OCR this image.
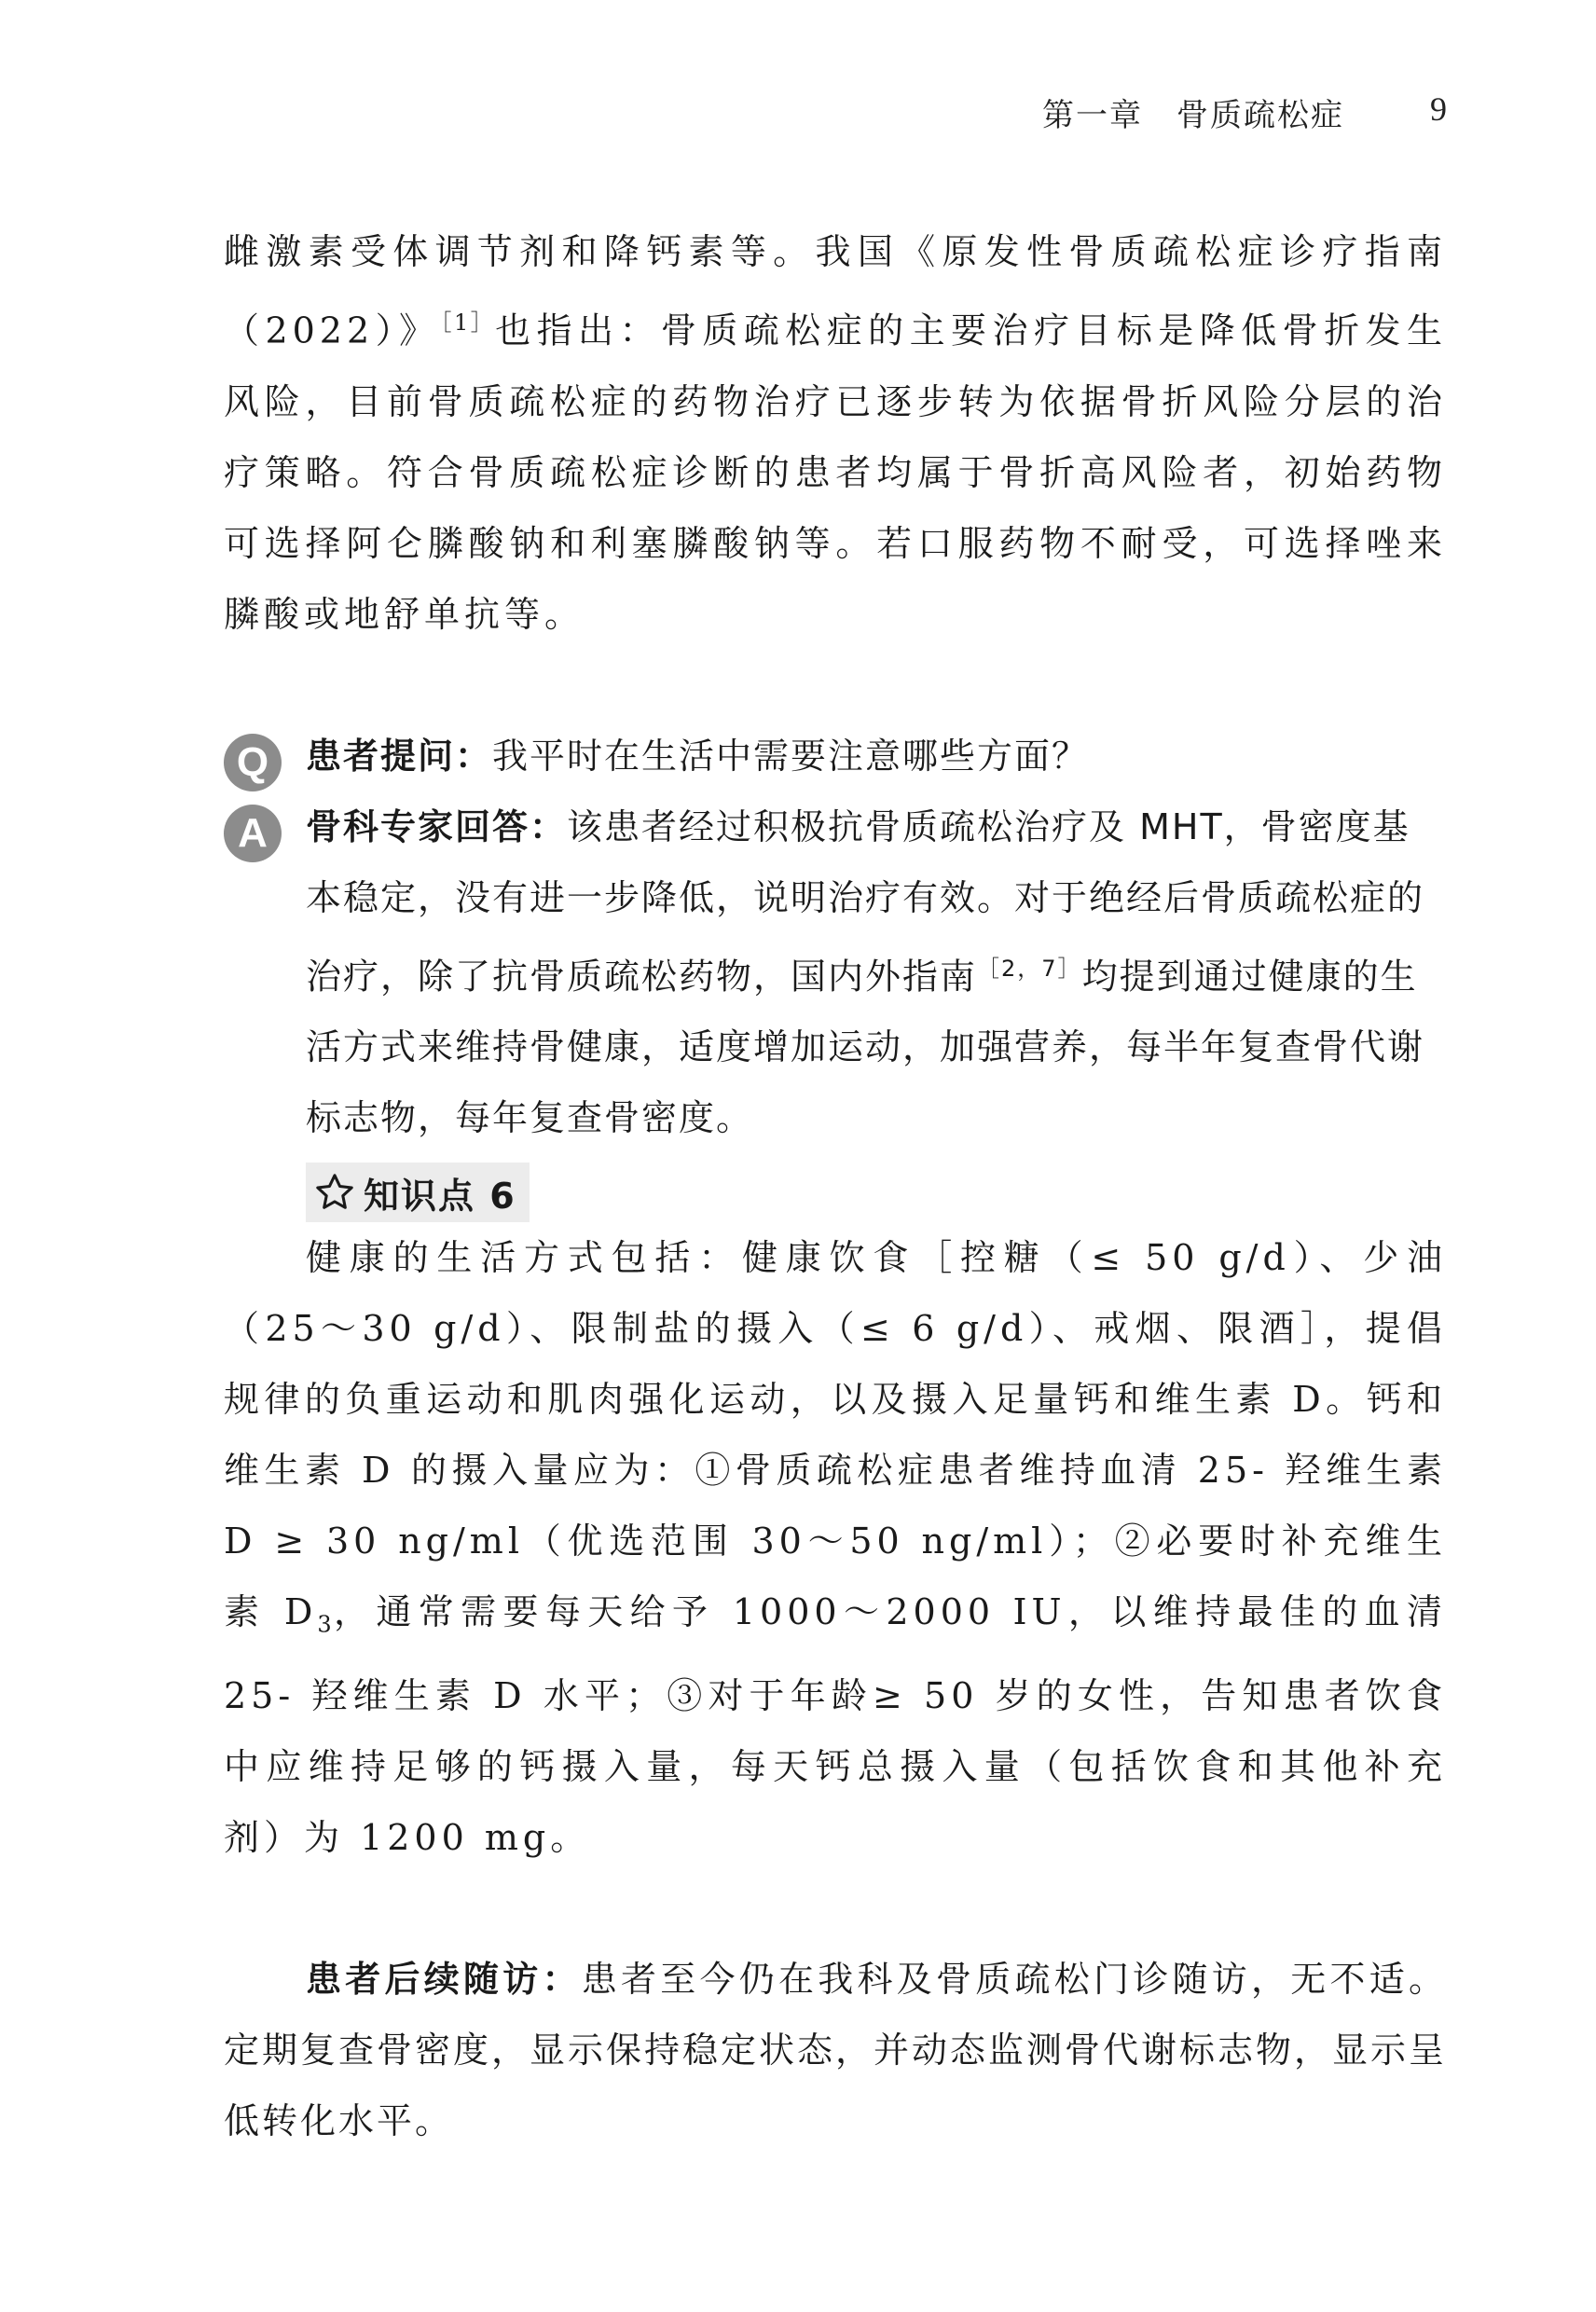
第一章　骨质疏松症	9

雌激素受体调节剂和降钙素等。我国《原发性骨质疏松症诊疗指南（2022）》$^{[1]}$也指出：骨质疏松症的主要治疗目标是降低骨折发生风险，目前骨质疏松症的药物治疗已逐步转为依据骨折风险分层的治疗策略。符合骨质疏松症诊断的患者均属于骨折高风险者，初始药物可选择阿仑膦酸钠和利塞膦酸钠等。若口服药物不耐受，可选择唑来膦酸或地舒单抗等。

Q	患者提问：我平时在生活中需要注意哪些方面？

A	骨科专家回答：该患者经过积极抗骨质疏松治疗及 MHT，骨密度基本稳定，没有进一步降低，说明治疗有效。对于绝经后骨质疏松症的治疗，除了抗骨质疏松药物，国内外指南$^{[2,7]}$均提到通过健康的生活方式来维持骨健康，适度增加运动，加强营养，每半年复查骨代谢标志物，每年复查骨密度。

知识点 6

健康的生活方式包括：健康饮食［控糖（≤ 50 g/d）、少油（25～30 g/d）、限制盐的摄入（≤ 6 g/d）、戒烟、限酒］，提倡规律的负重运动和肌肉强化运动，以及摄入足量钙和维生素 D。钙和维生素 D 的摄入量应为：①骨质疏松症患者维持血清 25- 羟维生素 D ≥ 30 ng/ml（优选范围 30～50 ng/ml）；②必要时补充维生素 $D_3$，通常需要每天给予 1000～2000 IU，以维持最佳的血清 25- 羟维生素 D 水平；③对于年龄≥ 50 岁的女性，告知患者饮食中应维持足够的钙摄入量，每天钙总摄入量（包括饮食和其他补充剂）为 1200 mg。

患者后续随访：患者至今仍在我科及骨质疏松门诊随访，无不适。定期复查骨密度，显示保持稳定状态，并动态监测骨代谢标志物，显示呈低转化水平。
